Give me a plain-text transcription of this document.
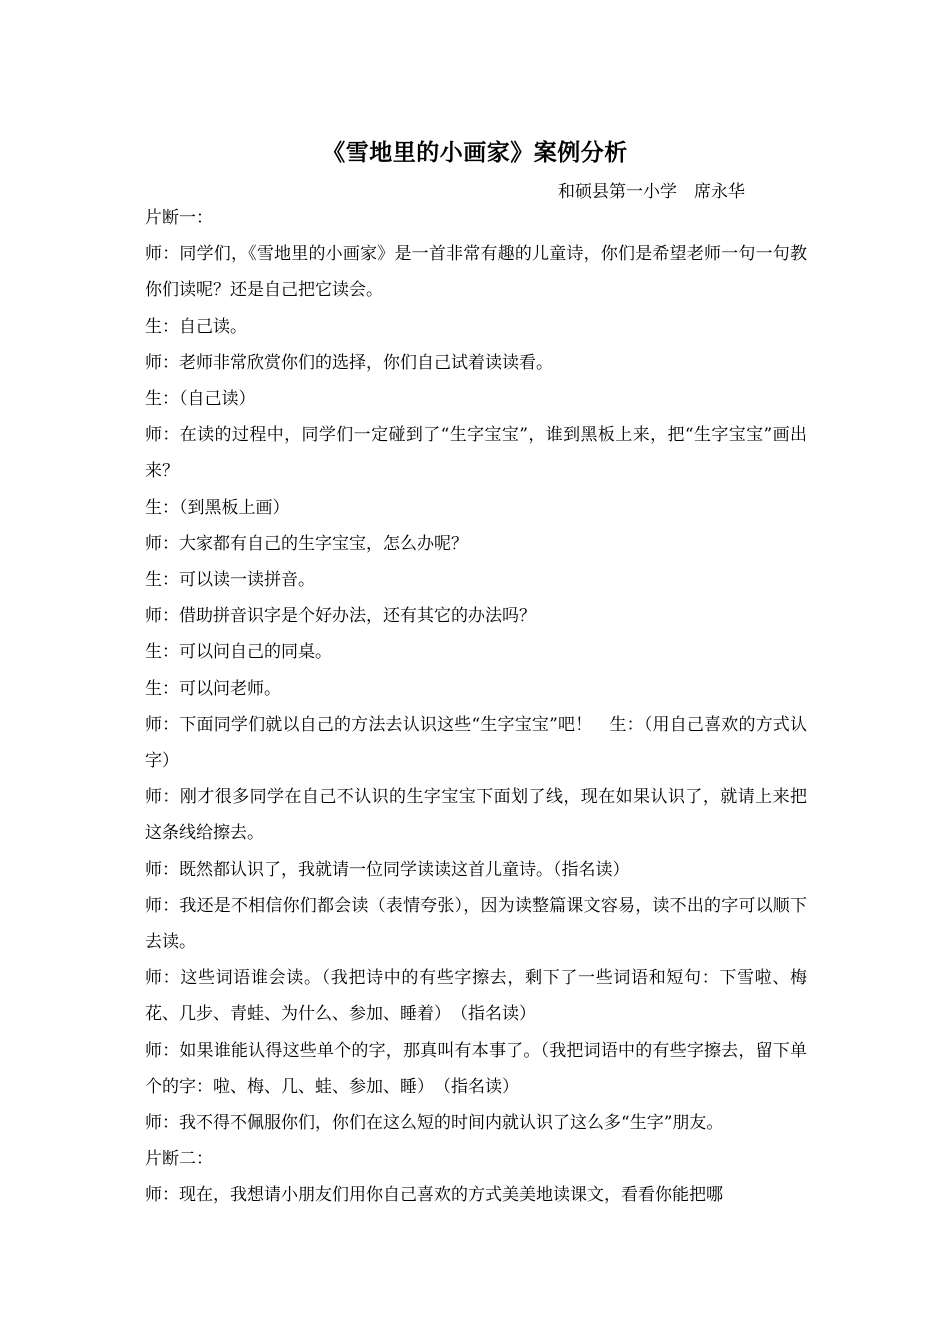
《雪地里的小画家》案例分析

和硕县第一小学　席永华

片断一：

师：同学们，《雪地里的小画家》是一首非常有趣的儿童诗，你们是希望老师一句一句教你们读呢？还是自己把它读会。

生：自己读。

师：老师非常欣赏你们的选择，你们自己试着读读看。

生：（自己读）

师：在读的过程中，同学们一定碰到了“生字宝宝”，谁到黑板上来，把“生字宝宝”画出来？

生：（到黑板上画）

师：大家都有自己的生字宝宝，怎么办呢？

生：可以读一读拼音。

师：借助拼音识字是个好办法，还有其它的办法吗？

生：可以问自己的同桌。

生：可以问老师。

师：下面同学们就以自己的方法去认识这些“生字宝宝”吧！　生：（用自己喜欢的方式认字）

师：刚才很多同学在自己不认识的生字宝宝下面划了线，现在如果认识了，就请上来把这条线给擦去。

师：既然都认识了，我就请一位同学读读这首儿童诗。（指名读）

师：我还是不相信你们都会读（表情夸张），因为读整篇课文容易，读不出的字可以顺下去读。

师：这些词语谁会读。（我把诗中的有些字擦去，剩下了一些词语和短句：下雪啦、梅花、几步、青蛙、为什么、参加、睡着）　（指名读）

师：如果谁能认得这些单个的字，那真叫有本事了。（我把词语中的有些字擦去，留下单个的字：啦、梅、几、蛙、参加、睡）　（指名读）

师：我不得不佩服你们，你们在这么短的时间内就认识了这么多“生字”朋友。

片断二：

师：现在，我想请小朋友们用你自己喜欢的方式美美地读课文，看看你能把哪
